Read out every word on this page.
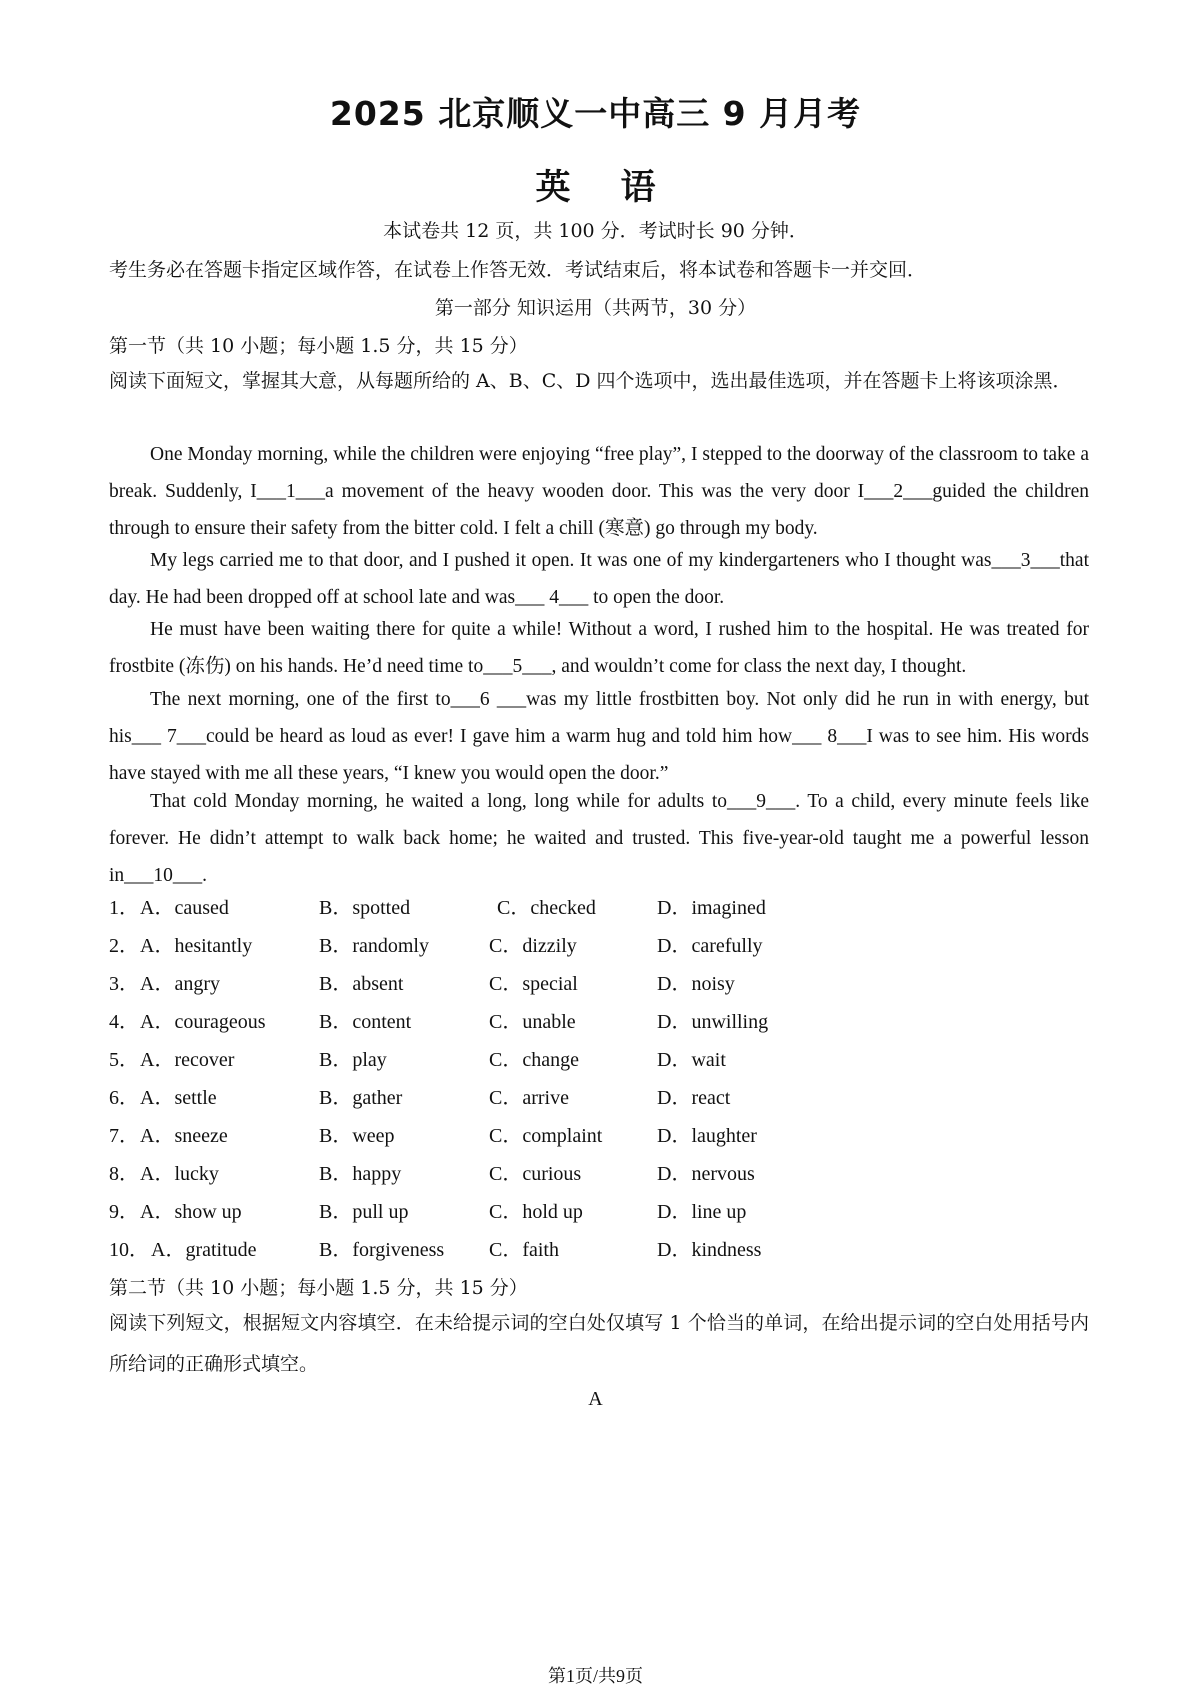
2025 北京顺义一中高三 9 月月考
英语
本试卷共 12 页，共 100 分．考试时长 90 分钟．
考生务必在答题卡指定区域作答，在试卷上作答无效．考试结束后，将本试卷和答题卡一并交回．
第一部分 知识运用（共两节，30 分）
第一节（共 10 小题；每小题 1.5 分，共 15 分）
阅读下面短文，掌握其大意，从每题所给的 A、B、C、D 四个选项中，选出最佳选项，并在答题卡上将该项涂黑．
One Monday morning, while the children were enjoying “free play”, I stepped to the doorway of the classroom to take a break. Suddenly, I___1___a movement of the heavy wooden door. This was the very door I___2___guided the children through to ensure their safety from the bitter cold. I felt a chill (寒意) go through my body.
My legs carried me to that door, and I pushed it open. It was one of my kindergarteners who I thought was___3___that day. He had been dropped off at school late and was___ 4___ to open the door.
He must have been waiting there for quite a while! Without a word, I rushed him to the hospital. He was treated for frostbite (冻伤) on his hands. He’d need time to___5___, and wouldn’t come for class the next day, I thought.
The next morning, one of the first to___6 ___was my little frostbitten boy. Not only did he run in with energy, but his___ 7___could be heard as loud as ever! I gave him a warm hug and told him how___ 8___I was to see him. His words have stayed with me all these years, “I knew you would open the door.”
That cold Monday morning, he waited a long, long while for adults to___9___. To a child, every minute feels like forever. He didn’t attempt to walk back home; he waited and trusted. This five-year-old taught me a powerful lesson in___10___.
1． A．caused	B．spotted	C．checked	D．imagined
2． A．hesitantly	B．randomly	C．dizzily	D．carefully
3． A．angry	B．absent	C．special	D．noisy
4． A．courageous	B．content	C．unable	D．unwilling
5． A．recover	B．play	C．change	D．wait
6． A．settle	B．gather	C．arrive	D．react
7． A．sneeze	B．weep	C．complaint	D．laughter
8． A．lucky	B．happy	C．curious	D．nervous
9． A．show up	B．pull up	C．hold up	D．line up
10． A．gratitude	B．forgiveness C．faith	D．kindness
第二节（共 10 小题；每小题 1.5 分，共 15 分）
阅读下列短文，根据短文内容填空．在未给提示词的空白处仅填写 1 个恰当的单词，在给出提示词的空白处用括号内所给词的正确形式填空。
A
第1页/共9页
